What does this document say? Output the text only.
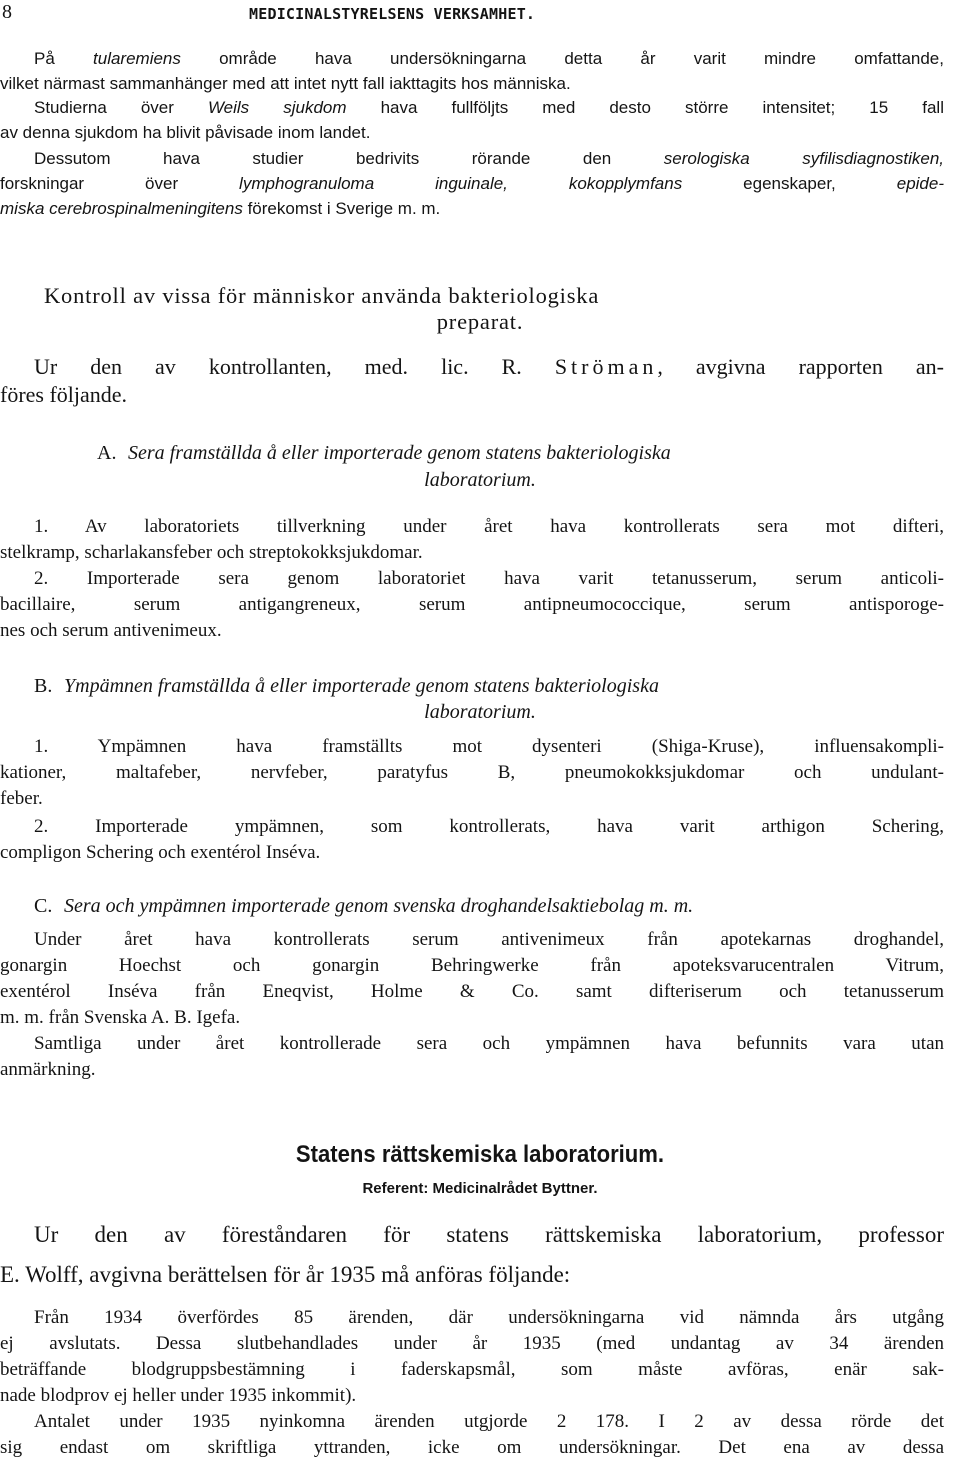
8	MEDICINALSTYRELSENS VERKSAMHET.
På tularemiens område hava undersökningarna detta år varit mindre omfattande,
vilket närmast sammanhänger med att intet nytt fall iakttagits hos människa.
Studierna över Weils sjukdom hava fullföljts med desto större intensitet; 15 fall
av denna sjukdom ha blivit påvisade inom landet.
Dessutom hava studier bedrivits rörande den serologiska syfilisdiagnostiken,
forskningar över lymphogranuloma inguinale, kokopplymfans egenskaper, epide-
miska cerebrospinalmeningitens förekomst i Sverige m. m.
Kontroll av vissa för människor använda bakteriologiska
preparat.
Ur den av kontrollanten, med. lic. R. Ströman, avgivna rapporten an-
föres följande.
A. Sera framställda å eller importerade genom statens bakteriologiska
laboratorium.
1. Av laboratoriets tillverkning under året hava kontrollerats sera mot difteri,
stelkramp, scharlakansfeber och streptokokksjukdomar.
2. Importerade sera genom laboratoriet hava varit tetanusserum, serum anticoli-
bacillaire, serum antigangreneux, serum antipneumococcique, serum antisporoge-
nes och serum antivenimeux.
B. Ympämnen framställda å eller importerade genom statens bakteriologiska
laboratorium.
1. Ympämnen hava framställts mot dysenteri (Shiga-Kruse), influensakompli-
kationer, maltafeber, nervfeber, paratyfus B, pneumokokksjukdomar och undulant-
feber.
2. Importerade ympämnen, som kontrollerats, hava varit arthigon Schering,
compligon Schering och exentérol Inséva.
C. Sera och ympämnen importerade genom svenska droghandelsaktiebolag m. m.
Under året hava kontrollerats serum antivenimeux från apotekarnas droghandel,
gonargin Hoechst och gonargin Behringwerke från apoteksvarucentralen Vitrum,
exentérol Inséva från Eneqvist, Holme & Co. samt difteriserum och tetanusserum
m. m. från Svenska A. B. Igefa.
Samtliga under året kontrollerade sera och ympämnen hava befunnits vara utan
anmärkning.
Statens rättskemiska laboratorium.
Referent: Medicinalrådet Byttner.
Ur den av föreståndaren för statens rättskemiska laboratorium, professor
E. Wolff, avgivna berättelsen för år 1935 må anföras följande:
Från 1934 överfördes 85 ärenden, där undersökningarna vid nämnda års utgång
ej avslutats. Dessa slutbehandlades under år 1935 (med undantag av 34 ärenden
beträffande blodgruppsbestämning i faderskapsmål, som måste avföras, enär sak-
nade blodprov ej heller under 1935 inkommit).
Antalet under 1935 nyinkomna ärenden utgjorde 2 178. I 2 av dessa rörde det
sig endast om skriftliga yttranden, icke om undersökningar. Det ena av dessa
